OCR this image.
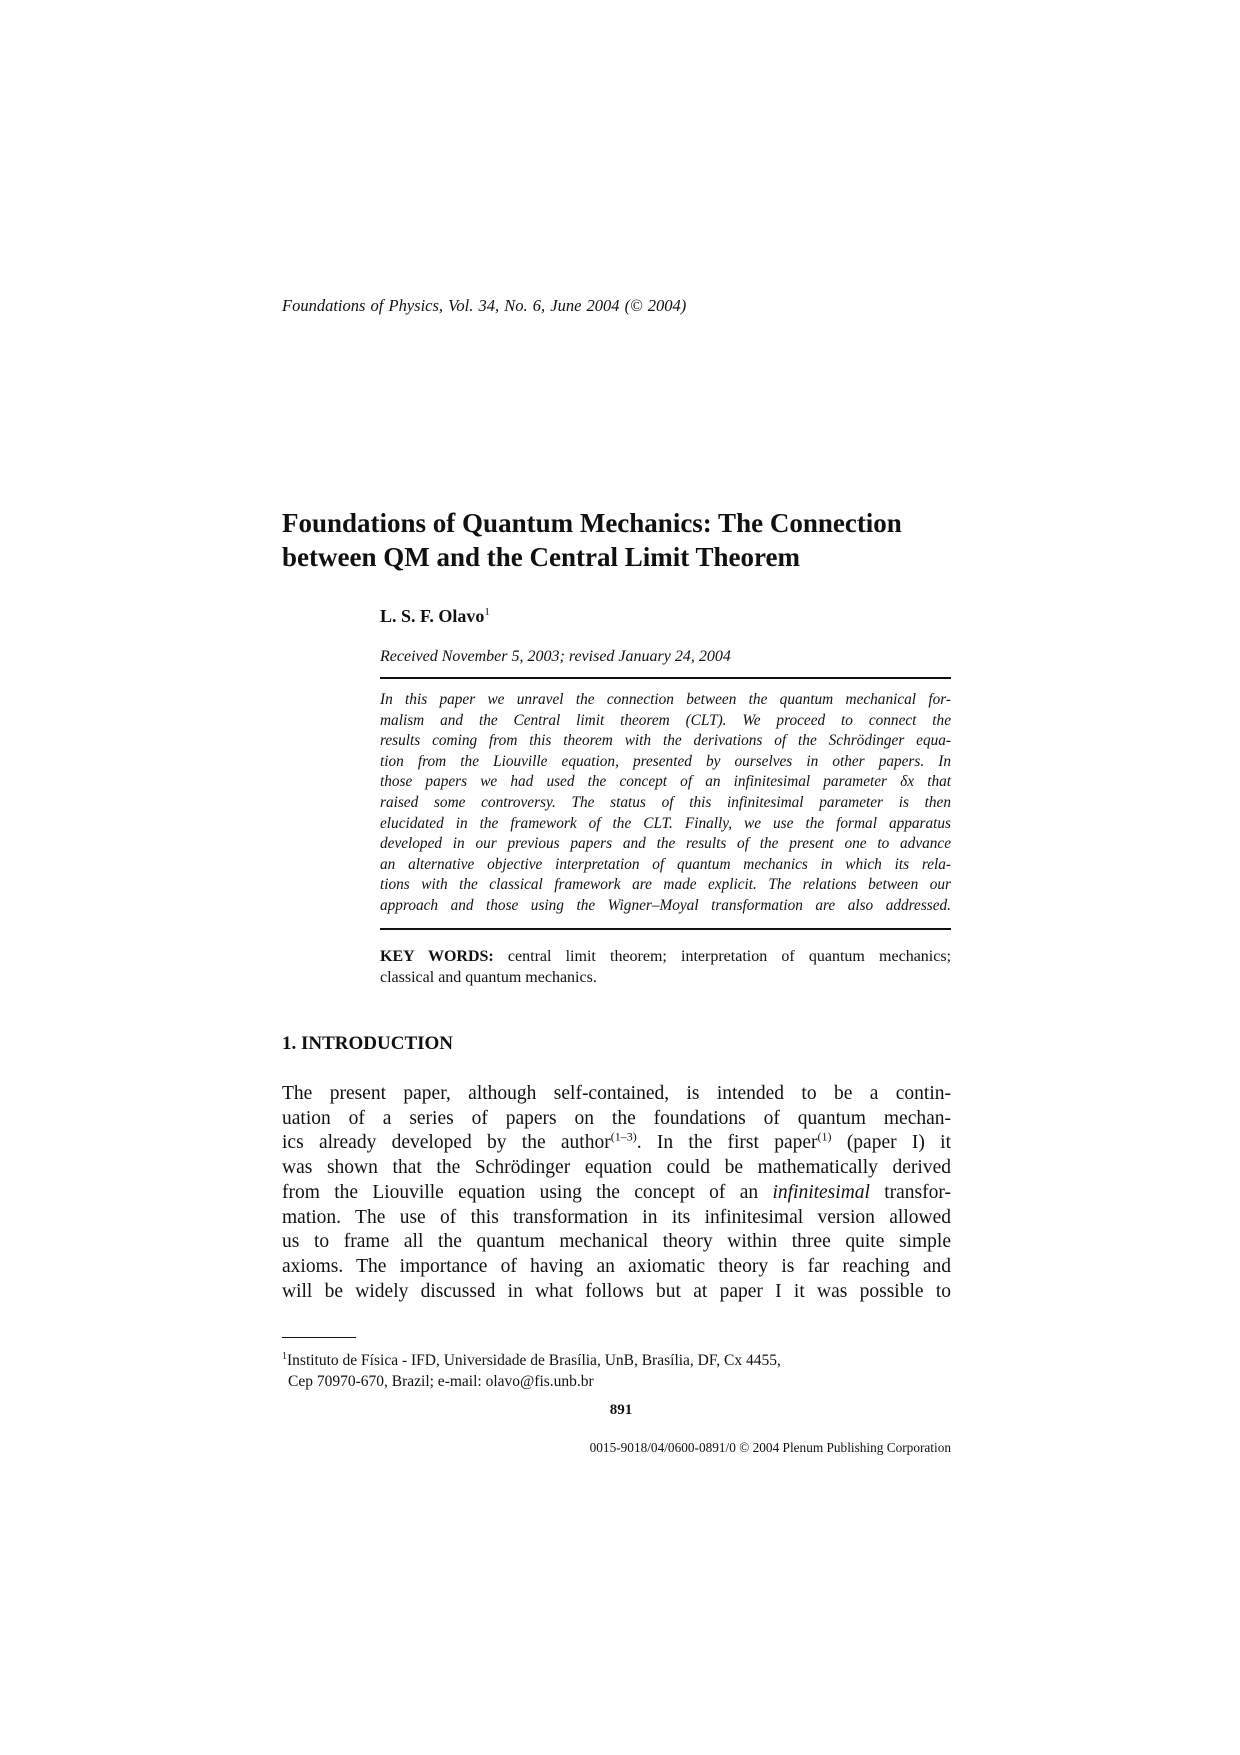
Foundations of Physics, Vol. 34, No. 6, June 2004 (© 2004)
Foundations of Quantum Mechanics: The Connection
between QM and the Central Limit Theorem
L. S. F. Olavo$^1$
Received November 5, 2003; revised January 24, 2004
In this paper we unravel the connection between the quantum mechanical for-
malism and the Central limit theorem (CLT). We proceed to connect the
results coming from this theorem with the derivations of the Schrödinger equa-
tion from the Liouville equation, presented by ourselves in other papers. In
those papers we had used the concept of an infinitesimal parameter δx that
raised some controversy. The status of this infinitesimal parameter is then
elucidated in the framework of the CLT. Finally, we use the formal apparatus
developed in our previous papers and the results of the present one to advance
an alternative objective interpretation of quantum mechanics in which its rela-
tions with the classical framework are made explicit. The relations between our
approach and those using the Wigner–Moyal transformation are also addressed.
KEY WORDS: central limit theorem; interpretation of quantum mechanics;
classical and quantum mechanics.
1. INTRODUCTION
The present paper, although self-contained, is intended to be a contin-
uation of a series of papers on the foundations of quantum mechan-
ics already developed by the author$^{(1-3)}$. In the first paper$^{(1)}$ (paper I) it
was shown that the Schrödinger equation could be mathematically derived
from the Liouville equation using the concept of an infinitesimal transfor-
mation. The use of this transformation in its infinitesimal version allowed
us to frame all the quantum mechanical theory within three quite simple
axioms. The importance of having an axiomatic theory is far reaching and
will be widely discussed in what follows but at paper I it was possible to
$^1$Instituto de Física - IFD, Universidade de Brasília, UnB, Brasília, DF, Cx 4455,
Cep 70970-670, Brazil; e-mail: olavo@fis.unb.br
891
0015-9018/04/0600-0891/0 © 2004 Plenum Publishing Corporation
